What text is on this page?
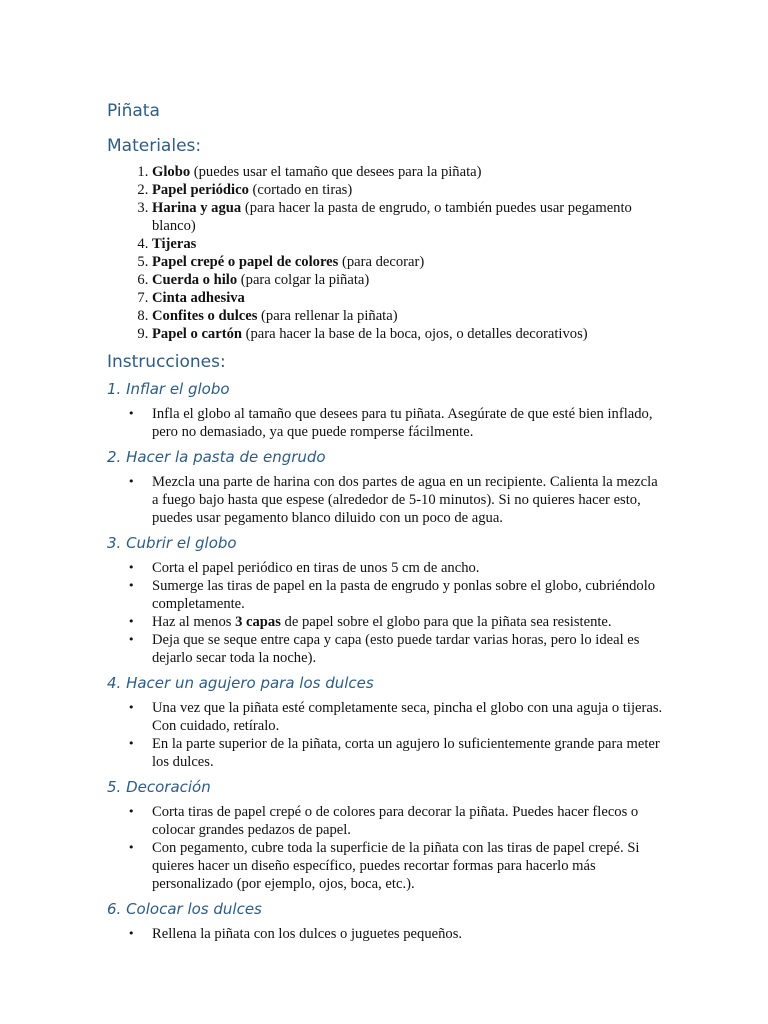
Piñata
Materiales:
1. Globo (puedes usar el tamaño que desees para la piñata)
2. Papel periódico (cortado en tiras)
3. Harina y agua (para hacer la pasta de engrudo, o también puedes usar pegamento blanco)
4. Tijeras
5. Papel crepé o papel de colores (para decorar)
6. Cuerda o hilo (para colgar la piñata)
7. Cinta adhesiva
8. Confites o dulces (para rellenar la piñata)
9. Papel o cartón (para hacer la base de la boca, ojos, o detalles decorativos)
Instrucciones:
1. Inflar el globo
• Infla el globo al tamaño que desees para tu piñata. Asegúrate de que esté bien inflado, pero no demasiado, ya que puede romperse fácilmente.
2. Hacer la pasta de engrudo
• Mezcla una parte de harina con dos partes de agua en un recipiente. Calienta la mezcla a fuego bajo hasta que espese (alrededor de 5-10 minutos). Si no quieres hacer esto, puedes usar pegamento blanco diluido con un poco de agua.
3. Cubrir el globo
• Corta el papel periódico en tiras de unos 5 cm de ancho.
• Sumerge las tiras de papel en la pasta de engrudo y ponlas sobre el globo, cubriéndolo completamente.
• Haz al menos 3 capas de papel sobre el globo para que la piñata sea resistente.
• Deja que se seque entre capa y capa (esto puede tardar varias horas, pero lo ideal es dejarlo secar toda la noche).
4. Hacer un agujero para los dulces
• Una vez que la piñata esté completamente seca, pincha el globo con una aguja o tijeras. Con cuidado, retíralo.
• En la parte superior de la piñata, corta un agujero lo suficientemente grande para meter los dulces.
5. Decoración
• Corta tiras de papel crepé o de colores para decorar la piñata. Puedes hacer flecos o colocar grandes pedazos de papel.
• Con pegamento, cubre toda la superficie de la piñata con las tiras de papel crepé. Si quieres hacer un diseño específico, puedes recortar formas para hacerlo más personalizado (por ejemplo, ojos, boca, etc.).
6. Colocar los dulces
• Rellena la piñata con los dulces o juguetes pequeños.
